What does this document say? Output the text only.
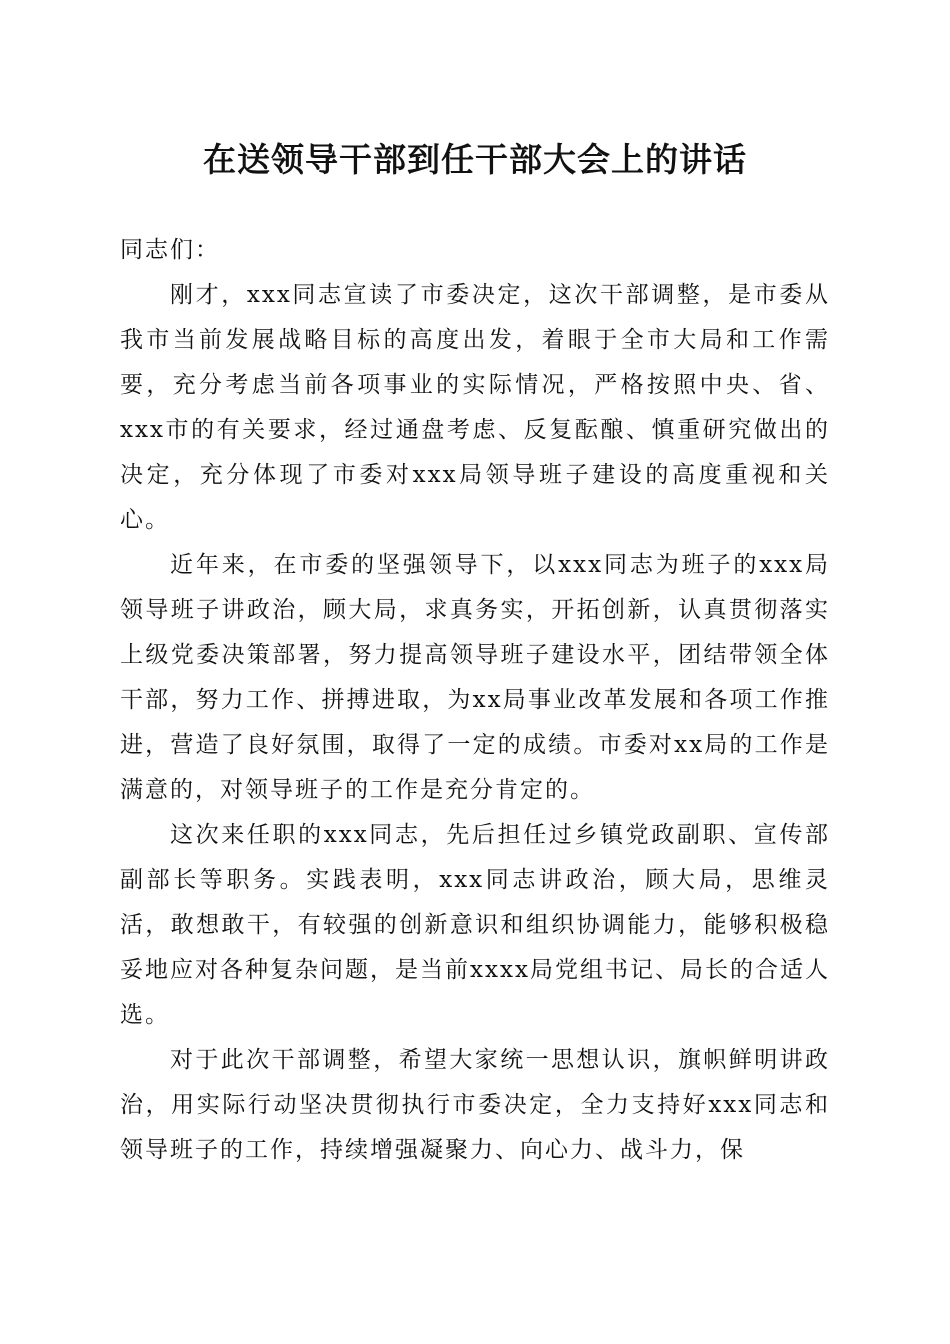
在送领导干部到任干部大会上的讲话

同志们：

刚才，xxx同志宣读了市委决定，这次干部调整，是市委从我市当前发展战略目标的高度出发，着眼于全市大局和工作需要，充分考虑当前各项事业的实际情况，严格按照中央、省、xxx市的有关要求，经过通盘考虑、反复酝酿、慎重研究做出的决定，充分体现了市委对xxx局领导班子建设的高度重视和关心。

近年来，在市委的坚强领导下，以xxx同志为班子的xxx局领导班子讲政治，顾大局，求真务实，开拓创新，认真贯彻落实上级党委决策部署，努力提高领导班子建设水平，团结带领全体干部，努力工作、拼搏进取，为xx局事业改革发展和各项工作推进，营造了良好氛围，取得了一定的成绩。市委对xx局的工作是满意的，对领导班子的工作是充分肯定的。

这次来任职的xxx同志，先后担任过乡镇党政副职、宣传部副部长等职务。实践表明，xxx同志讲政治，顾大局，思维灵活，敢想敢干，有较强的创新意识和组织协调能力，能够积极稳妥地应对各种复杂问题，是当前xxxx局党组书记、局长的合适人选。

对于此次干部调整，希望大家统一思想认识，旗帜鲜明讲政治，用实际行动坚决贯彻执行市委决定，全力支持好xxx同志和领导班子的工作，持续增强凝聚力、向心力、战斗力，保
